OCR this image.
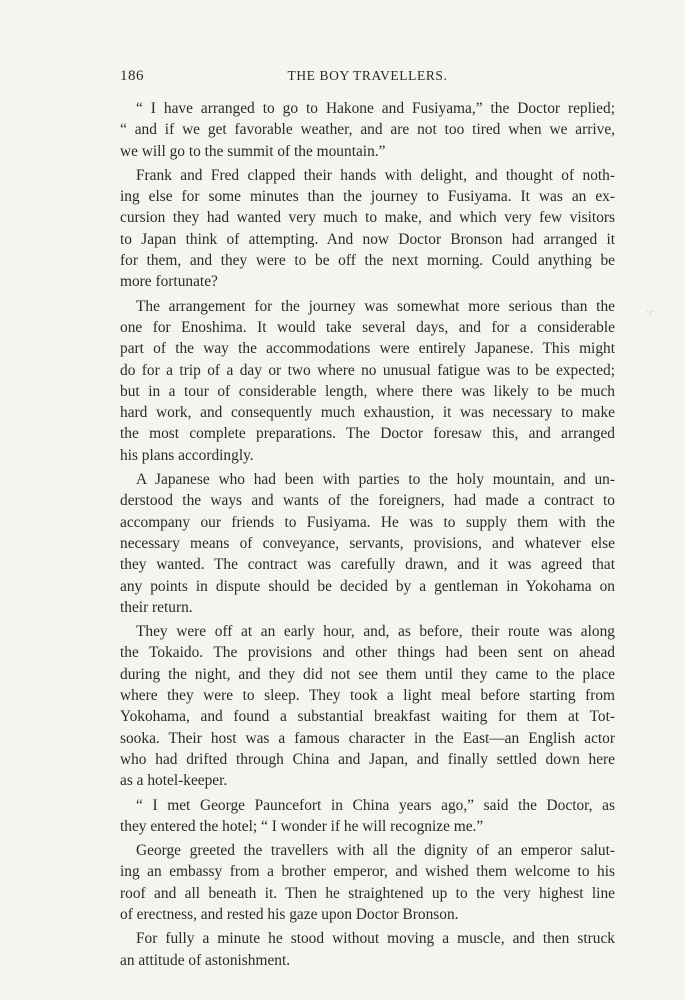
186	THE BOY TRAVELLERS.

“ I have arranged to go to Hakone and Fusiyama,” the Doctor replied;
“ and if we get favorable weather, and are not too tired when we arrive,
we will go to the summit of the mountain.”

Frank and Fred clapped their hands with delight, and thought of noth-
ing else for some minutes than the journey to Fusiyama. It was an ex-
cursion they had wanted very much to make, and which very few visitors
to Japan think of attempting. And now Doctor Bronson had arranged it
for them, and they were to be off the next morning. Could anything be
more fortunate?

The arrangement for the journey was somewhat more serious than the
one for Enoshima. It would take several days, and for a considerable
part of the way the accommodations were entirely Japanese. This might
do for a trip of a day or two where no unusual fatigue was to be expected;
but in a tour of considerable length, where there was likely to be much
hard work, and consequently much exhaustion, it was necessary to make
the most complete preparations. The Doctor foresaw this, and arranged
his plans accordingly.

A Japanese who had been with parties to the holy mountain, and un-
derstood the ways and wants of the foreigners, had made a contract to
accompany our friends to Fusiyama. He was to supply them with the
necessary means of conveyance, servants, provisions, and whatever else
they wanted. The contract was carefully drawn, and it was agreed that
any points in dispute should be decided by a gentleman in Yokohama on
their return.

They were off at an early hour, and, as before, their route was along
the Tokaido. The provisions and other things had been sent on ahead
during the night, and they did not see them until they came to the place
where they were to sleep. They took a light meal before starting from
Yokohama, and found a substantial breakfast waiting for them at Tot-
sooka. Their host was a famous character in the East—an English actor
who had drifted through China and Japan, and finally settled down here
as a hotel-keeper.

“ I met George Pauncefort in China years ago,” said the Doctor, as
they entered the hotel; “ I wonder if he will recognize me.”

George greeted the travellers with all the dignity of an emperor salut-
ing an embassy from a brother emperor, and wished them welcome to his
roof and all beneath it. Then he straightened up to the very highest line
of erectness, and rested his gaze upon Doctor Bronson.

For fully a minute he stood without moving a muscle, and then struck
an attitude of astonishment.

·ı·
